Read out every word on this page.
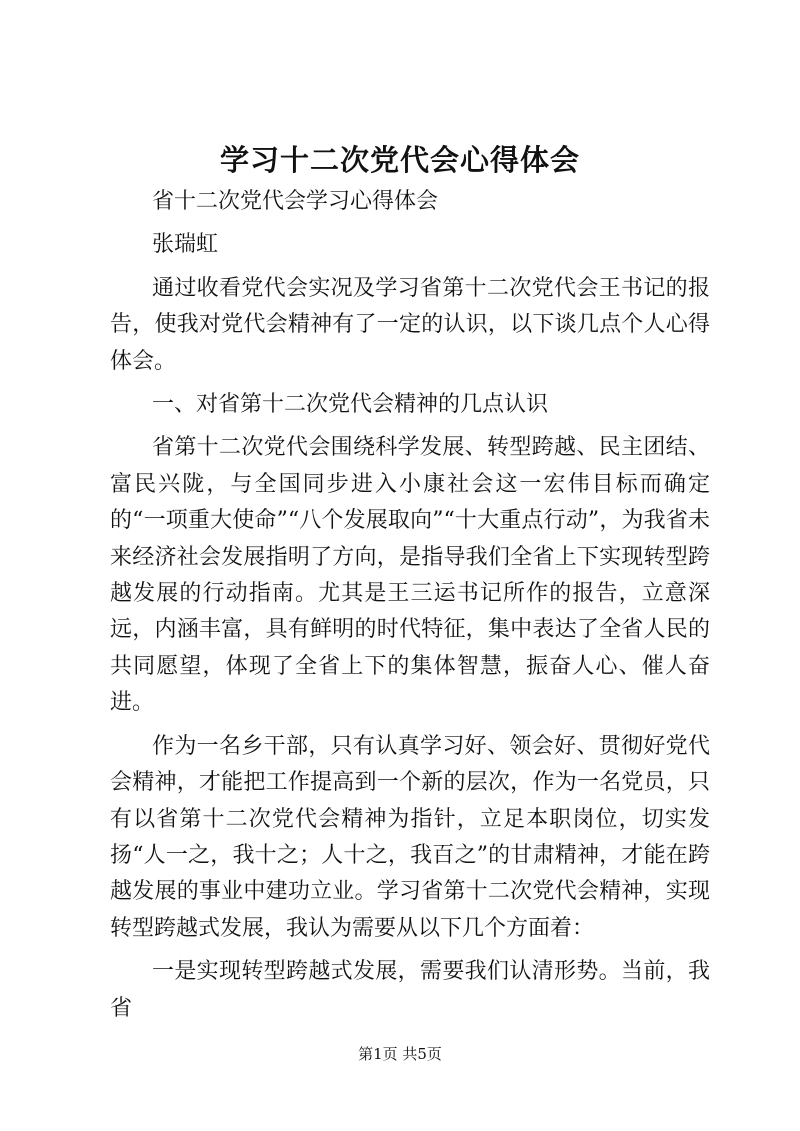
学习十二次党代会心得体会

省十二次党代会学习心得体会

张瑞虹

通过收看党代会实况及学习省第十二次党代会王书记的报告，使我对党代会精神有了一定的认识，以下谈几点个人心得体会。

一、对省第十二次党代会精神的几点认识

省第十二次党代会围绕科学发展、转型跨越、民主团结、富民兴陇，与全国同步进入小康社会这一宏伟目标而确定的“一项重大使命”“八个发展取向”“十大重点行动”，为我省未来经济社会发展指明了方向，是指导我们全省上下实现转型跨越发展的行动指南。尤其是王三运书记所作的报告，立意深远，内涵丰富，具有鲜明的时代特征，集中表达了全省人民的共同愿望，体现了全省上下的集体智慧，振奋人心、催人奋进。

作为一名乡干部，只有认真学习好、领会好、贯彻好党代会精神，才能把工作提高到一个新的层次，作为一名党员，只有以省第十二次党代会精神为指针，立足本职岗位，切实发扬“人一之，我十之；人十之，我百之”的甘肃精神，才能在跨越发展的事业中建功立业。学习省第十二次党代会精神，实现转型跨越式发展，我认为需要从以下几个方面着：

一是实现转型跨越式发展，需要我们认清形势。当前，我省

第1页 共5页
